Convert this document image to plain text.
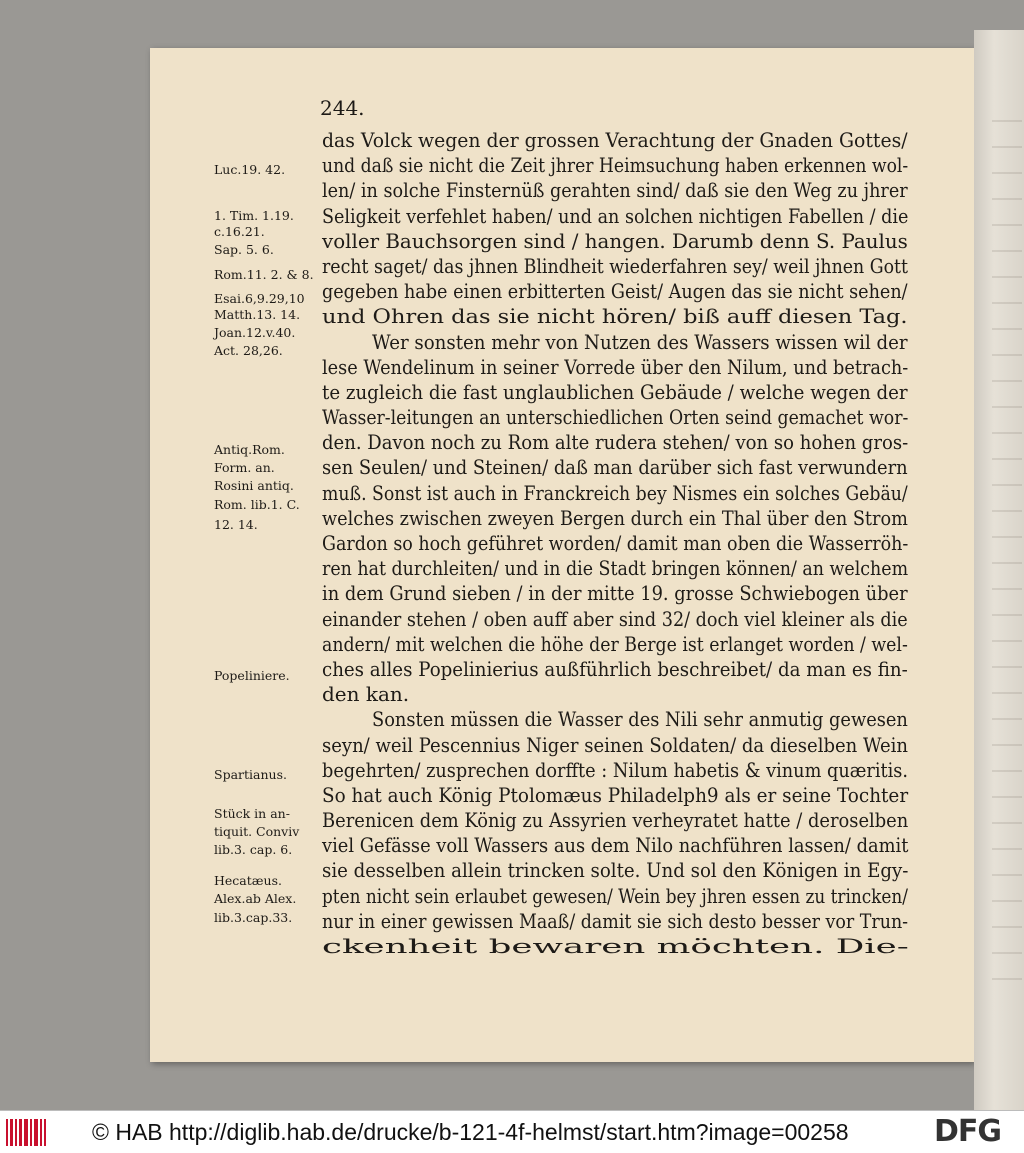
244.
das Volck wegen der grossen Verachtung der Gnaden Gottes/
und daß sie nicht die Zeit jhrer Heimsuchung haben erkennen wol-
len/ in solche Finsternüß gerahten sind/ daß sie den Weg zu jhrer
Seligkeit verfehlet haben/ und an solchen nichtigen Fabellen / die
voller Bauchsorgen sind / hangen. Darumb denn S. Paulus
recht saget/ das jhnen Blindheit wiederfahren sey/ weil jhnen Gott
gegeben habe einen erbitterten Geist/ Augen das sie nicht sehen/
und Ohren das sie nicht hören/ biß auff diesen Tag.
Wer sonsten mehr von Nutzen des Wassers wissen wil der
lese Wendelinum in seiner Vorrede über den Nilum, und betrach-
te zugleich die fast unglaublichen Gebäude / welche wegen der
Wasser-leitungen an unterschiedlichen Orten seind gemachet wor-
den. Davon noch zu Rom alte rudera stehen/ von so hohen gros-
sen Seulen/ und Steinen/ daß man darüber sich fast verwundern
muß. Sonst ist auch in Franckreich bey Nismes ein solches Gebäu/
welches zwischen zweyen Bergen durch ein Thal über den Strom
Gardon so hoch geführet worden/ damit man oben die Wasserröh-
ren hat durchleiten/ und in die Stadt bringen können/ an welchem
in dem Grund sieben / in der mitte 19. grosse Schwiebogen über
einander stehen / oben auff aber sind 32/ doch viel kleiner als die
andern/ mit welchen die höhe der Berge ist erlanget worden / wel-
ches alles Popelinierius außführlich beschreibet/ da man es fin-
den kan.
Sonsten müssen die Wasser des Nili sehr anmutig gewesen
seyn/ weil Pescennius Niger seinen Soldaten/ da dieselben Wein
begehrten/ zusprechen dorffte : Nilum habetis & vinum quæritis.
So hat auch König Ptolomæus Philadelph9 als er seine Tochter
Berenicen dem König zu Assyrien verheyratet hatte / deroselben
viel Gefässe voll Wassers aus dem Nilo nachführen lassen/ damit
sie desselben allein trincken solte. Und sol den Königen in Egy-
pten nicht sein erlaubet gewesen/ Wein bey jhren essen zu trincken/
nur in einer gewissen Maaß/ damit sie sich desto besser vor Trun-
ckenheit bewaren möchten. Die-
Luc.19. 42.
1. Tim. 1.19.
c.16.21.
Sap. 5. 6.
Rom.11. 2. & 8.
Esai.6,9.29,10
Matth.13. 14.
Joan.12.v.40.
Act. 28,26.
Antiq.Rom.
Form. an.
Rosini antiq.
Rom. lib.1. C.
12. 14.
Popeliniere.
Spartianus.
Stück in an-
tiquit. Conviv
lib.3. cap. 6.
Hecatæus.
Alex.ab Alex.
lib.3.cap.33.
© HAB http://diglib.hab.de/drucke/b-121-4f-helmst/start.htm?image=00258	DFG
